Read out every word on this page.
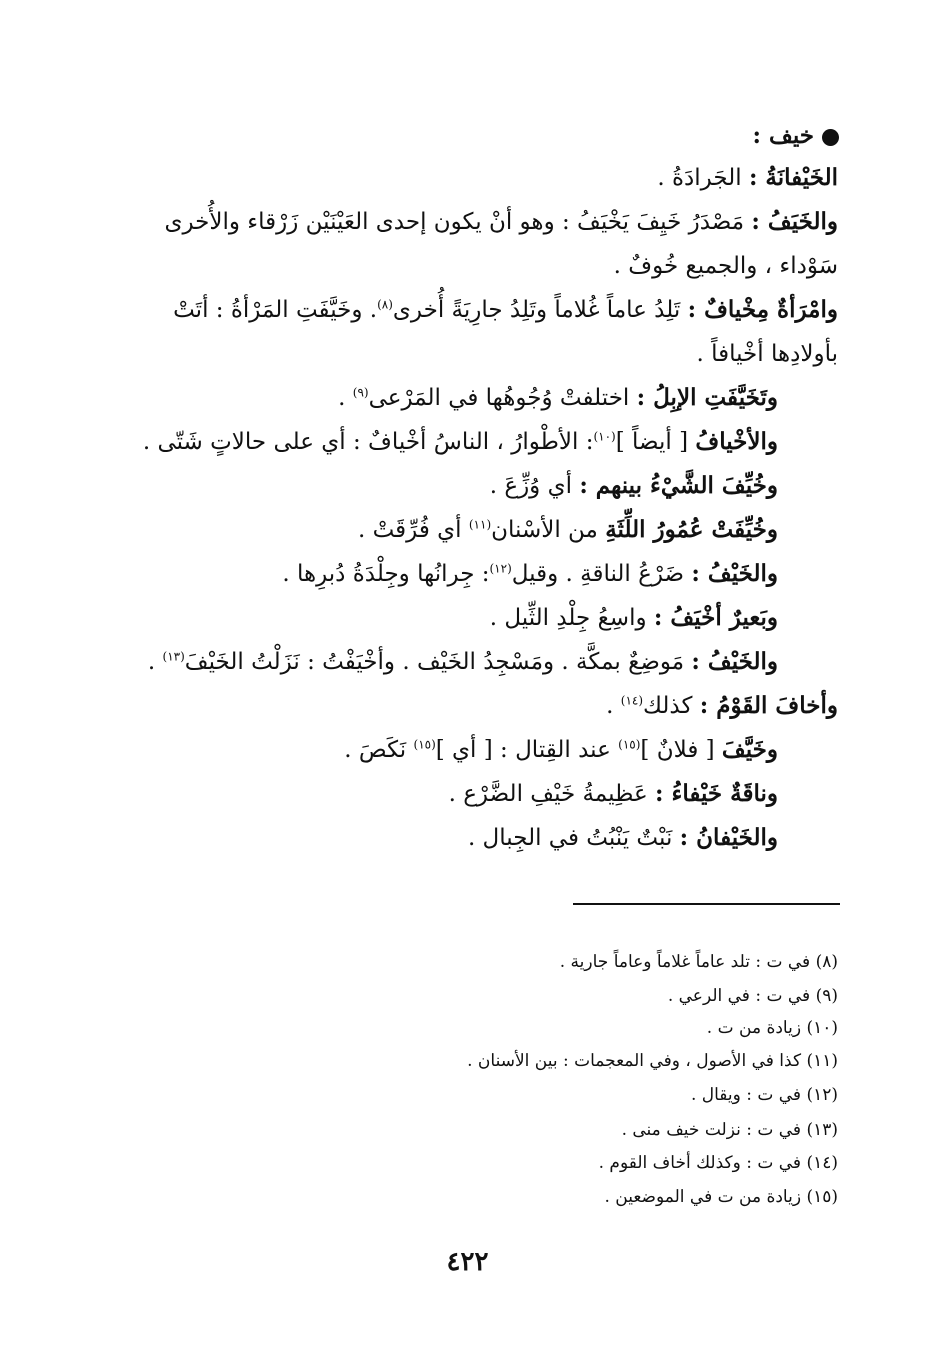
خيف :
الخَيْفانَةُ : الجَرادَةُ .
والخَيَفُ : مَصْدَرُ خَيِفَ يَخْيَفُ : وهو أنْ يكون إحدى العَيْنَيْن زَرْقاء والأُخرى
سَوْداء ، والجميع خُوفٌ .
وامْرَأةٌ مِخْيافٌ : تَلِدُ عاماً غُلاماً وتَلِدُ جارِيَةً أُخرى$^{(٨)}$. وخَيَّفَتِ المَرْأةُ : أتَتْ
بأولادِها أخْيافاً .
وتَخَيَّفَتِ الإبِلُ : اختلفتْ وُجُوهُها في المَرْعى$^{(٩)}$ .
والأخْيافُ [ أيضاً ]$^{(١٠)}$: الأطْوارُ ، الناسُ أخْيافٌ : أي على حالاتٍ شَتّى .
وخُيِّفَ الشَّيْءُ بينهم : أي وُزِّعَ .
وخُيِّفَتْ عُمُورُ اللِّثَةِ من الأسْنان$^{(١١)}$ أي فُرِّقَتْ .
والخَيْفُ : ضَرْعُ الناقةِ . وقيل$^{(١٢)}$: جِرانُها وجِلْدَةُ دُبرِها .
وبَعيرٌ أخْيَفُ : واسِعُ جِلْدِ الثِّيل .
والخَيْفُ : مَوضِعٌ بمكَّة . ومَسْجِدُ الخَيْف . وأخْيَفْتُ : نَزَلْتُ الخَيْفَ$^{(١٣)}$ .
وأخافَ القَوْمُ : كذلك$^{(١٤)}$ .
وخَيَّفَ [ فلانٌ ]$^{(١٥)}$ عند القِتال : [ أي ]$^{(١٥)}$ نَكَصَ .
وناقَةٌ خَيْفاءُ : عَظِيمةُ خَيْفِ الضَّرْع .
والخَيْفانُ : نَبْتٌ يَنْبُتُ في الجِبال .
(٨) في ت : تلد عاماً غلاماً وعاماً جارية .
(٩) في ت : في الرعي .
(١٠) زيادة من ت .
(١١) كذا في الأصول ، وفي المعجمات : بين الأسنان .
(١٢) في ت : ويقال .
(١٣) في ت : نزلت خيف منى .
(١٤) في ت : وكذلك أخاف القوم .
(١٥) زيادة من ت في الموضعين .
٤٢٢
